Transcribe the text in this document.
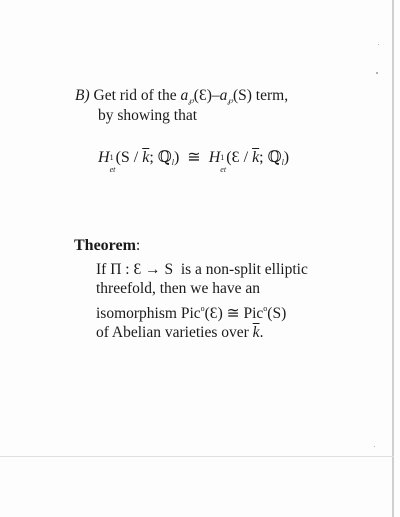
B) Get rid of the a℘(Ɛ)–a℘(S) term,
by showing that
H 1
et
($S / \overline{k}$; ℚl) ≅ H 1
et
(Ɛ / $\overline{k}$; ℚl)
Theorem:
If Π : Ɛ → S is a non-split elliptic
threefold, then we have an
isomorphism Pic$^o$(Ɛ) ≅ Pic$^o$(S)
of Abelian varieties over $\overline{k}$.
